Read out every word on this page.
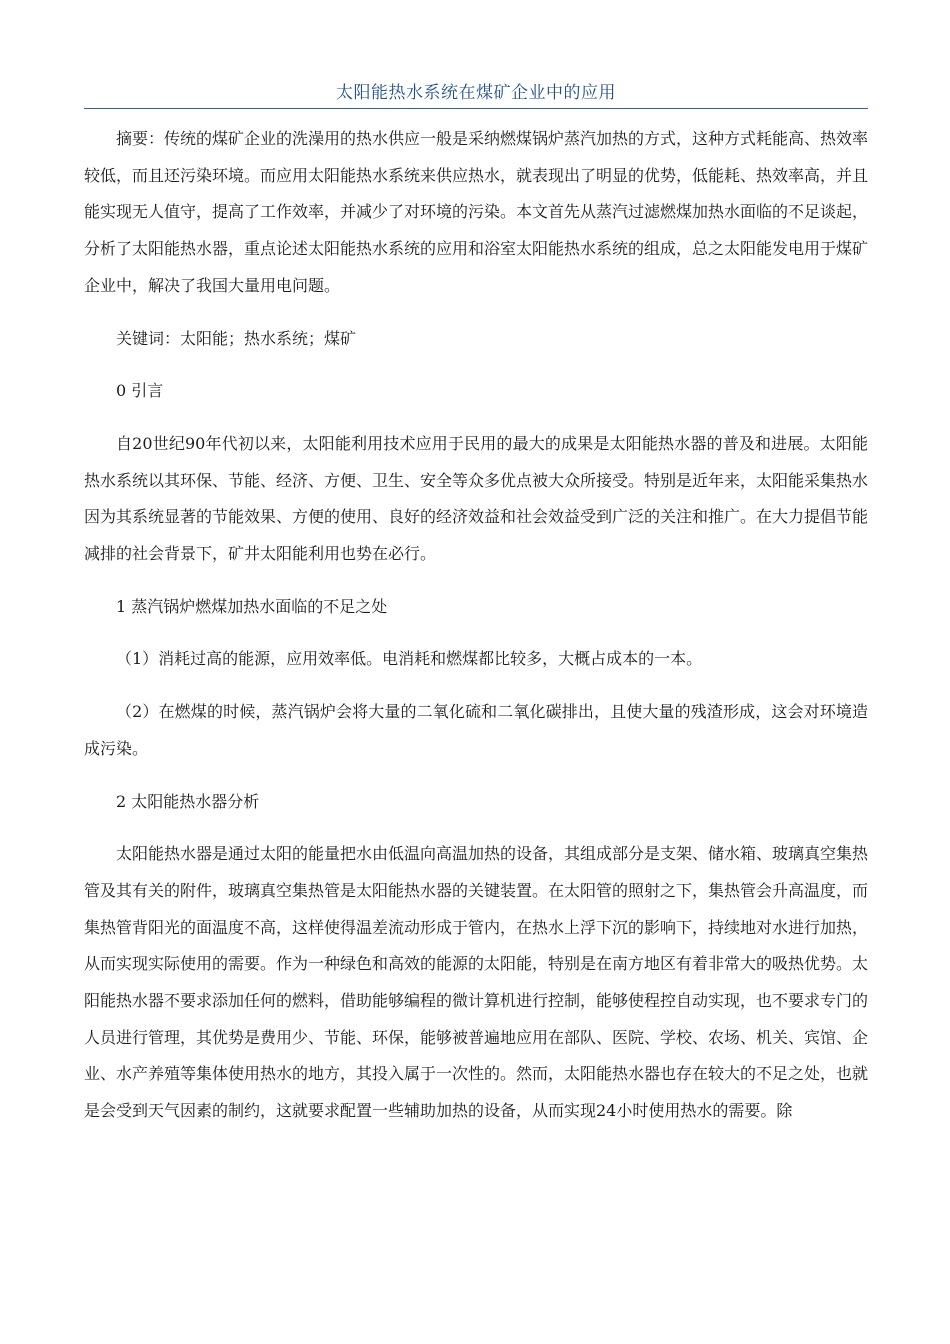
太阳能热水系统在煤矿企业中的应用

摘要：传统的煤矿企业的洗澡用的热水供应一般是采纳燃煤锅炉蒸汽加热的方式，这种方式耗能高、热效率较低，而且还污染环境。而应用太阳能热水系统来供应热水，就表现出了明显的优势，低能耗、热效率高，并且能实现无人值守，提高了工作效率，并减少了对环境的污染。本文首先从蒸汽过滤燃煤加热水面临的不足谈起，分析了太阳能热水器，重点论述太阳能热水系统的应用和浴室太阳能热水系统的组成，总之太阳能发电用于煤矿企业中，解决了我国大量用电问题。

关键词：太阳能；热水系统；煤矿

0 引言

自20世纪90年代初以来，太阳能利用技术应用于民用的最大的成果是太阳能热水器的普及和进展。太阳能热水系统以其环保、节能、经济、方便、卫生、安全等众多优点被大众所接受。特别是近年来，太阳能采集热水因为其系统显著的节能效果、方便的使用、良好的经济效益和社会效益受到广泛的关注和推广。在大力提倡节能减排的社会背景下，矿井太阳能利用也势在必行。

1 蒸汽锅炉燃煤加热水面临的不足之处

（1）消耗过高的能源，应用效率低。电消耗和燃煤都比较多，大概占成本的一本。

（2）在燃煤的时候，蒸汽锅炉会将大量的二氧化硫和二氧化碳排出，且使大量的残渣形成，这会对环境造成污染。

2 太阳能热水器分析

太阳能热水器是通过太阳的能量把水由低温向高温加热的设备，其组成部分是支架、储水箱、玻璃真空集热管及其有关的附件，玻璃真空集热管是太阳能热水器的关键装置。在太阳管的照射之下，集热管会升高温度，而集热管背阳光的面温度不高，这样使得温差流动形成于管内，在热水上浮下沉的影响下，持续地对水进行加热，从而实现实际使用的需要。作为一种绿色和高效的能源的太阳能，特别是在南方地区有着非常大的吸热优势。太阳能热水器不要求添加任何的燃料，借助能够编程的微计算机进行控制，能够使程控自动实现，也不要求专门的人员进行管理，其优势是费用少、节能、环保，能够被普遍地应用在部队、医院、学校、农场、机关、宾馆、企业、水产养殖等集体使用热水的地方，其投入属于一次性的。然而，太阳能热水器也存在较大的不足之处，也就是会受到天气因素的制约，这就要求配置一些辅助加热的设备，从而实现24小时使用热水的需要。除
